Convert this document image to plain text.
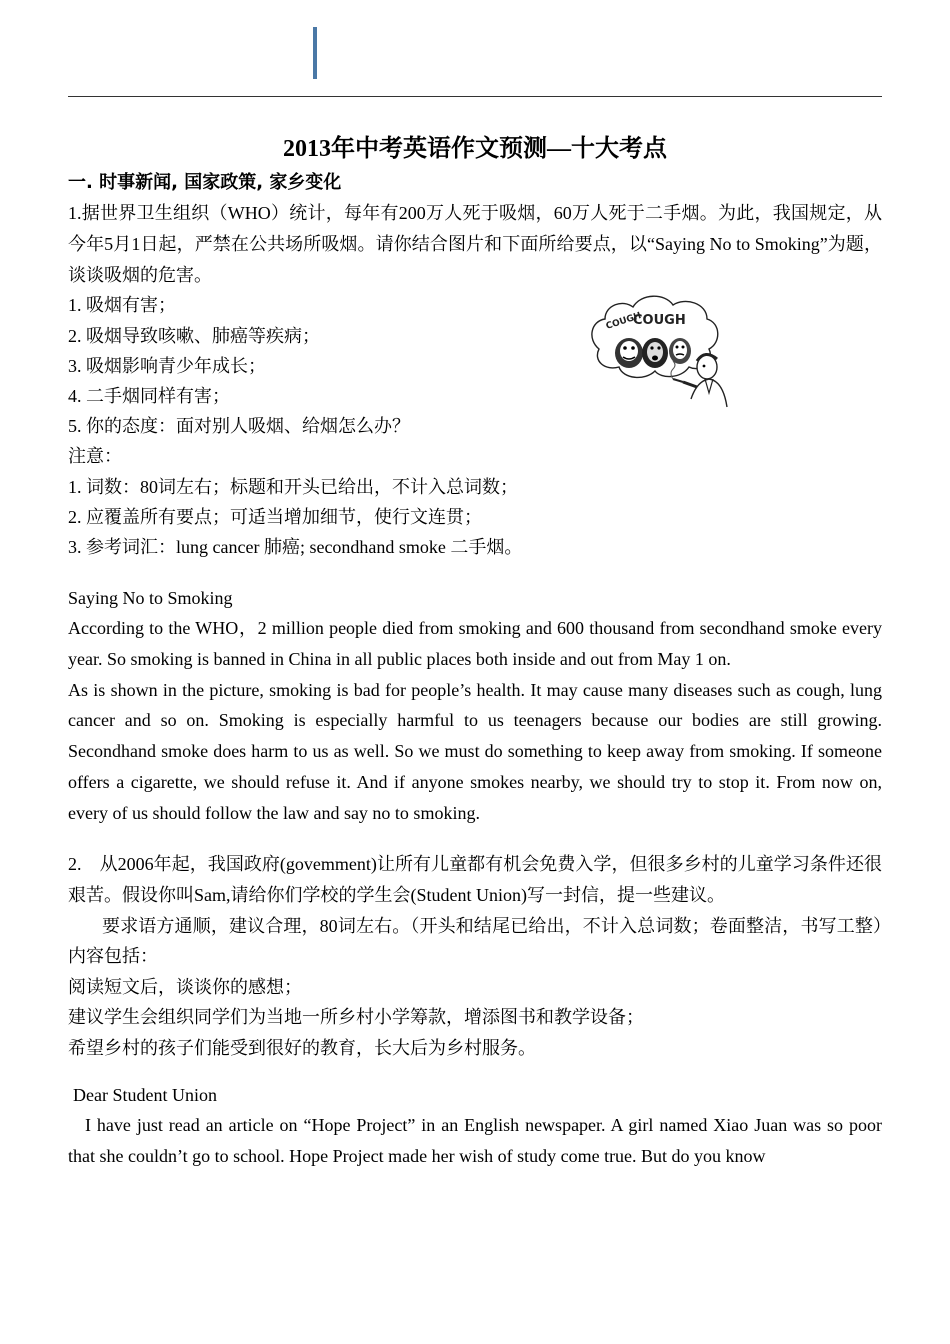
2013年中考英语作文预测—十大考点

一. 时事新闻, 国家政策, 家乡变化

1.据世界卫生组织（WHO）统计，每年有200万人死于吸烟，60万人死于二手烟。为此，我国规定，从今年5月1日起，严禁在公共场所吸烟。请你结合图片和下面所给要点，以“Saying No to Smoking”为题，谈谈吸烟的危害。

1. 吸烟有害；

2. 吸烟导致咳嗽、肺癌等疾病；

3. 吸烟影响青少年成长；

4. 二手烟同样有害；

5. 你的态度：面对别人吸烟、给烟怎么办？

注意：

1. 词数：80词左右；标题和开头已给出，不计入总词数；

2. 应覆盖所有要点；可适当增加细节，使行文连贯；

3. 参考词汇：lung cancer 肺癌; secondhand smoke 二手烟。

Saying No to Smoking

According to the WHO，2 million people died from smoking and 600 thousand from secondhand smoke every year. So smoking is banned in China in all public places both inside and out from May 1 on.

As is shown in the picture, smoking is bad for people’s health. It may cause many diseases such as cough, lung cancer and so on. Smoking is especially harmful to us teenagers because our bodies are still growing. Secondhand smoke does harm to us as well. So we must do something to keep away from smoking. If someone offers a cigarette, we should refuse it. And if anyone smokes nearby, we should try to stop it. From now on, every of us should follow the law and say no to smoking.

2.　从2006年起，我国政府(govemment)让所有儿童都有机会免费入学，但很多乡村的儿童学习条件还很艰苦。假设你叫Sam,请给你们学校的学生会(Student Union)写一封信，提一些建议。

要求语方通顺，建议合理，80词左右。（开头和结尾已给出，不计入总词数；卷面整洁，书写工整）内容包括：

阅读短文后，谈谈你的感想；

建议学生会组织同学们为当地一所乡村小学筹款，增添图书和教学设备；

希望乡村的孩子们能受到很好的教育，长大后为乡村服务。

Dear Student Union

I have just read an article on “Hope Project” in an English newspaper. A girl named Xiao Juan was so poor that she couldn’t go to school. Hope Project made her wish of study come true. But do you know

COUGH
COUGH
